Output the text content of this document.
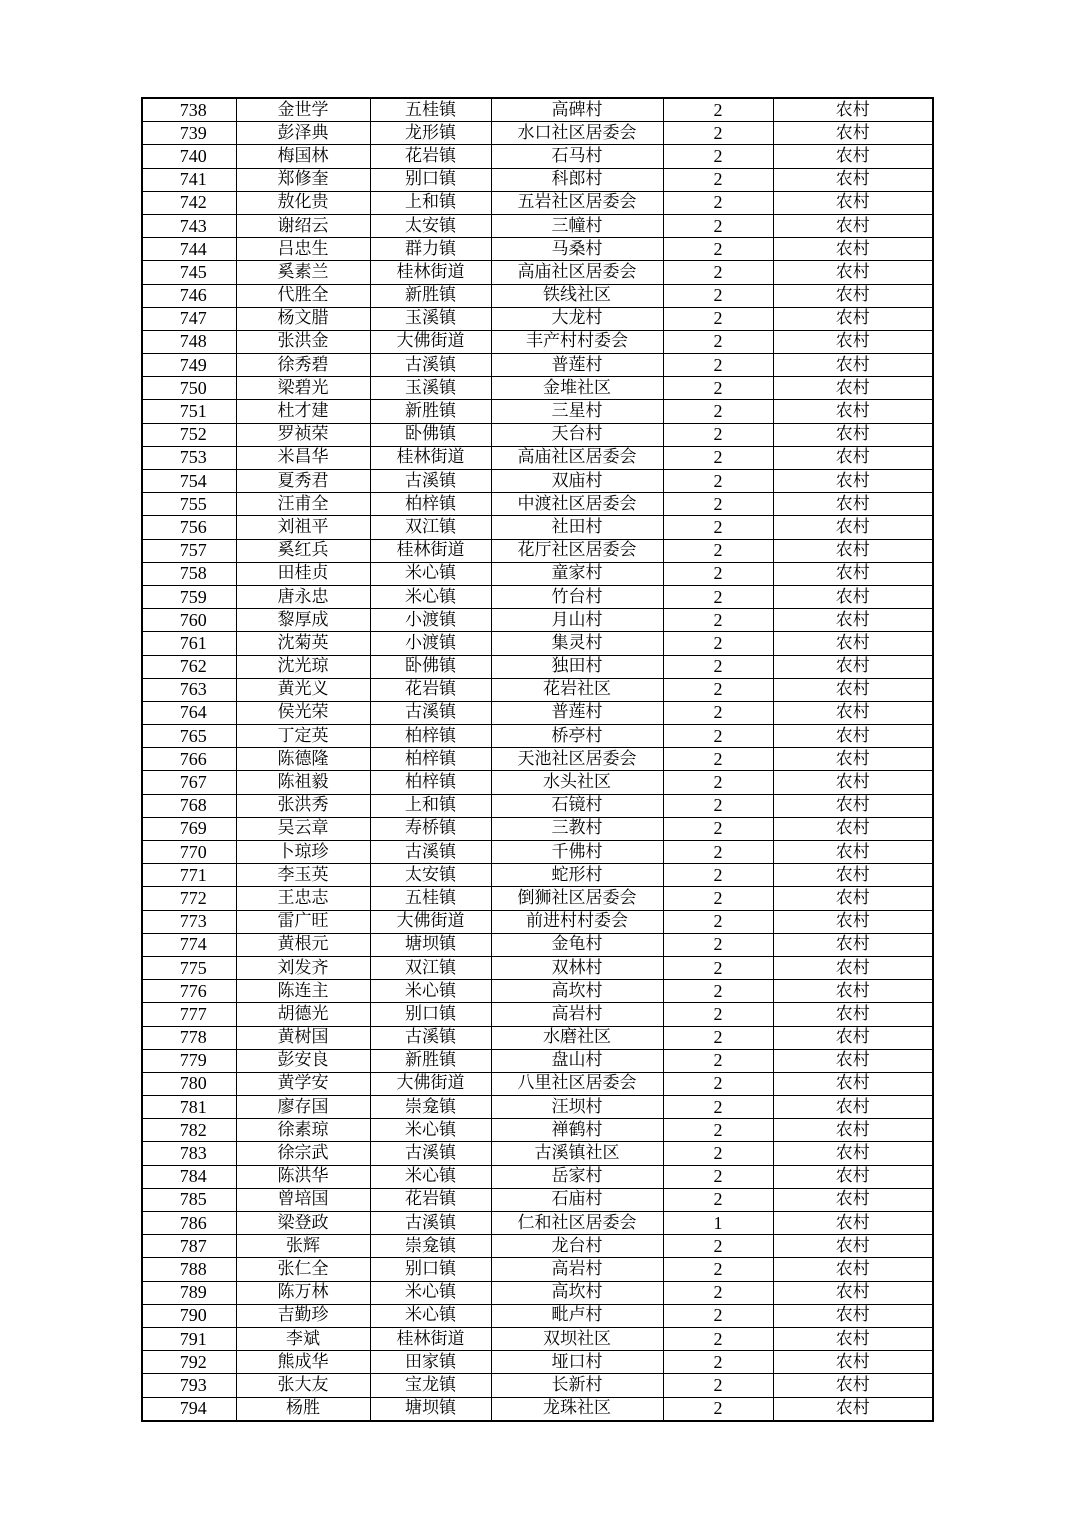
738	金世学	五桂镇	高碑村	2	农村
739	彭泽典	龙形镇	水口社区居委会	2	农村
740	梅国林	花岩镇	石马村	2	农村
741	郑修奎	别口镇	科郎村	2	农村
742	敖化贵	上和镇	五岩社区居委会	2	农村
743	谢绍云	太安镇	三幢村	2	农村
744	吕忠生	群力镇	马桑村	2	农村
745	奚素兰	桂林街道	高庙社区居委会	2	农村
746	代胜全	新胜镇	铁线社区	2	农村
747	杨文腊	玉溪镇	大龙村	2	农村
748	张洪金	大佛街道	丰产村村委会	2	农村
749	徐秀碧	古溪镇	普莲村	2	农村
750	梁碧光	玉溪镇	金堆社区	2	农村
751	杜才建	新胜镇	三星村	2	农村
752	罗祯荣	卧佛镇	天台村	2	农村
753	米昌华	桂林街道	高庙社区居委会	2	农村
754	夏秀君	古溪镇	双庙村	2	农村
755	汪甫全	柏梓镇	中渡社区居委会	2	农村
756	刘祖平	双江镇	社田村	2	农村
757	奚红兵	桂林街道	花厅社区居委会	2	农村
758	田桂贞	米心镇	童家村	2	农村
759	唐永忠	米心镇	竹台村	2	农村
760	黎厚成	小渡镇	月山村	2	农村
761	沈菊英	小渡镇	集灵村	2	农村
762	沈光琼	卧佛镇	独田村	2	农村
763	黄光义	花岩镇	花岩社区	2	农村
764	侯光荣	古溪镇	普莲村	2	农村
765	丁定英	柏梓镇	桥亭村	2	农村
766	陈德隆	柏梓镇	天池社区居委会	2	农村
767	陈祖毅	柏梓镇	水头社区	2	农村
768	张洪秀	上和镇	石镜村	2	农村
769	吴云章	寿桥镇	三教村	2	农村
770	卜琼珍	古溪镇	千佛村	2	农村
771	李玉英	太安镇	蛇形村	2	农村
772	王忠志	五桂镇	倒狮社区居委会	2	农村
773	雷广旺	大佛街道	前进村村委会	2	农村
774	黄根元	塘坝镇	金龟村	2	农村
775	刘发齐	双江镇	双林村	2	农村
776	陈连主	米心镇	高坎村	2	农村
777	胡德光	别口镇	高岩村	2	农村
778	黄树国	古溪镇	水磨社区	2	农村
779	彭安良	新胜镇	盘山村	2	农村
780	黄学安	大佛街道	八里社区居委会	2	农村
781	廖存国	崇龛镇	汪坝村	2	农村
782	徐素琼	米心镇	禅鹤村	2	农村
783	徐宗武	古溪镇	古溪镇社区	2	农村
784	陈洪华	米心镇	岳家村	2	农村
785	曾培国	花岩镇	石庙村	2	农村
786	梁登政	古溪镇	仁和社区居委会	1	农村
787	张辉	崇龛镇	龙台村	2	农村
788	张仁全	别口镇	高岩村	2	农村
789	陈万林	米心镇	高坎村	2	农村
790	吉勤珍	米心镇	毗卢村	2	农村
791	李斌	桂林街道	双坝社区	2	农村
792	熊成华	田家镇	垭口村	2	农村
793	张大友	宝龙镇	长新村	2	农村
794	杨胜	塘坝镇	龙珠社区	2	农村
